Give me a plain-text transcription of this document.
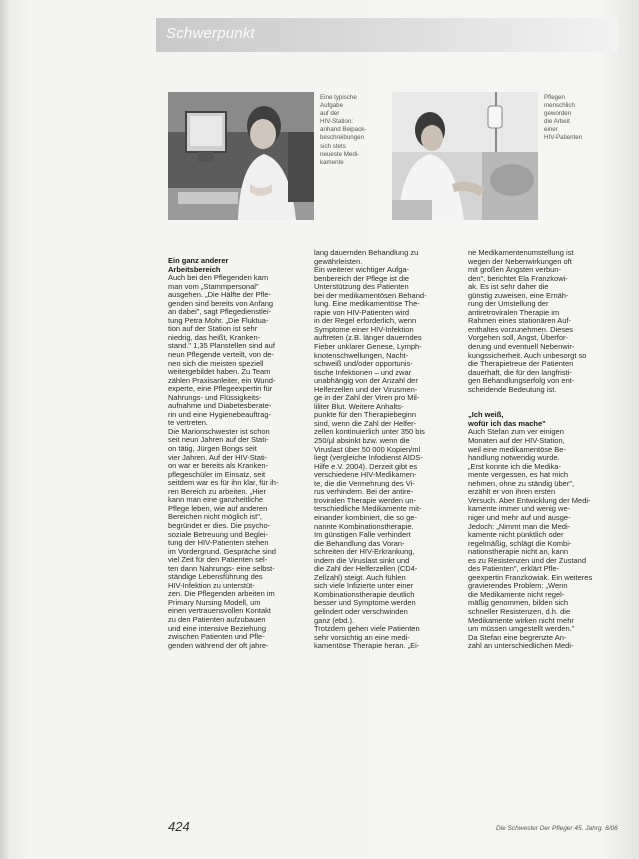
Schwerpunkt
Eine typische
Aufgabe
auf der
HIV-Station:
anhand Beipack-
beschreibungen
sich stets
neueste Medi-
kamente
Pflegen
menschlich
geworden
die Arbeit
einer
HIV-Patienten

Ein ganz anderer

Arbeitsbereich

Auch bei den Pflegenden kam

man vom „Stammpersonal"

ausgehen. „Die Hälfte der Pfle-

genden sind bereits von Anfang

an dabei", sagt Pflegedienstlei-

tung Petra Mohr. „Die Fluktua-

tion auf der Station ist sehr

niedrig, das heißt, Kranken-

stand." 1,35 Planstellen sind auf

neun Pflegende verteilt, von de-

nen sich die meisten speziell

weitergebildet haben. Zu Team

zählen Praxisanleiter, ein Wund-

experte, eine Pflegeexpertin für

Nahrungs- und Flüssigkeits-

aufnahme und Diabetesberate-

rin und eine Hygienebeauftrag-

te vertreten.

Die Marionschwester ist schon

seit neun Jahren auf der Stati-

on tätig, Jürgen Bongs seit

vier Jahren. Auf der HIV-Stati-

on war er bereits als Kranken-

pflegeschüler im Einsatz, seit

seitdem war es für ihn klar, für ih-

ren Bereich zu arbeiten. „Hier

kann man eine ganzheitliche

Pflege leben, wie auf anderen

Bereichen nicht möglich ist",

begründet er dies. Die psycho-

soziale Betreuung und Beglei-

tung der HIV-Patienten stehen

im Vordergrund. Gespräche sind

viel Zeit für den Patienten sel-

ten dann Nahrungs- eine selbst-

ständige Lebensführung des

HIV-Infektion zu unterstüt-

zen. Die Pflegenden arbeiten im

Primary Nursing Modell, um

einen vertrauensvollen Kontakt

zu den Patienten aufzubauen

und eine intensive Beziehung

zwischen Patienten und Pfle-

genden während der oft jahre-

lang dauernden Behandlung zu

gewährleisten.

Ein weiterer wichtiger Aufga-

benbereich der Pflege ist die

Unterstützung des Patienten

bei der medikamentösen Behand-

lung. Eine medikamentöse The-

rapie von HIV-Patienten wird

in der Regel erforderlich, wenn

Symptome einer HIV-Infektion

auftreten (z.B. länger dauerndes

Fieber unklarer Genese, Lymph-

knotenschwellungen, Nacht-

schweiß und/oder opportunis-

tische Infektionen – und zwar

unabhängig von der Anzahl der

Helferzellen und der Virusmen-

ge in der Zahl der Viren pro Mil-

liliter Blut. Weitere Anhalts-

punkte für den Therapiebeginn

sind, wenn die Zahl der Helfer-

zellen kontinuierlich unter 350 bis

250/µl absinkt bzw. wenn die

Viruslast über 50 000 Kopien/ml

liegt (vergleiche Infodienst AIDS-

Hilfe e.V. 2004). Derzeit gibt es

verschiedene HIV-Medikamen-

te, die die Vermehrung des Vi-

rus verhindern. Bei der antire-

troviralen Therapie werden un-

terschiedliche Medikamente mit-

einander kombiniert, die so ge-

nannte Kombinationstherapie.

Im günstigen Falle verhindert

die Behandlung das Voran-

schreiten der HIV-Erkrankung,

indem die Viruslast sinkt und

die Zahl der Helferzellen (CD4-

Zellzahl) steigt. Auch fühlen

sich viele Infizierte unter einer

Kombinationstherapie deutlich

besser und Symptome werden

gelindert oder verschwinden

ganz (ebd.).

Trotzdem gehen viele Patienten

sehr vorsichtig an eine medi-

kamentöse Therapie heran. „Ei-

ne Medikamentenumstellung ist

wegen der Nebenwirkungen oft

mit großen Ängsten verbun-

den", berichtet Ela Franzkowi-

ak. Es ist sehr daher die

günstig zuweisen, eine Ernäh-

rung der Umstellung der

antiretroviralen Therapie im

Rahmen eines stationären Auf-

enthaltes vorzunehmen. Dieses

Vorgehen soll, Angst, Überfor-

derung und eventuell Nebenwir-

kungssicherheit. Auch unbesorgt so

die Therapietreue der Patienten

dauerhaft, die für den langfristi-

gen Behandlungserfolg von ent-

scheidende Bedeutung ist.

„Ich weiß,

wofür ich das mache"

Auch Stefan zum ver einigen

Monaten auf der HIV-Station,

weil eine medikamentöse Be-

handlung notwendig wurde.

„Erst konnte ich die Medika-

mente vergessen, es hat mich

nehmen, ohne zu ständig über",

erzählt er von ihren ersten

Versuch. Aber Entwicklung der Medi-

kamente immer und wenig we-

niger und mehr auf und ausge-

Jedoch: „Nimmt man die Medi-

kamente nicht pünktlich oder

regelmäßig, schlägt die Kombi-

nationstherapie nicht an, kann

es zu Resistenzen und der Zustand

des Patienten", erklärt Pfle-

geexpertin Franzkowiak. Ein weiteres

gravierendes Problem: „Wenn

die Medikamente nicht regel-

mäßig genommen, bilden sich

schneller Resistenzen, d.h. die

Medikamente wirken nicht mehr

um müssen umgestellt werden."

Da Stefan eine begrenzte An-

zahl an unterschiedlichen Medi-

424	Die Schwester Der Pfleger 45. Jahrg. 6/06
